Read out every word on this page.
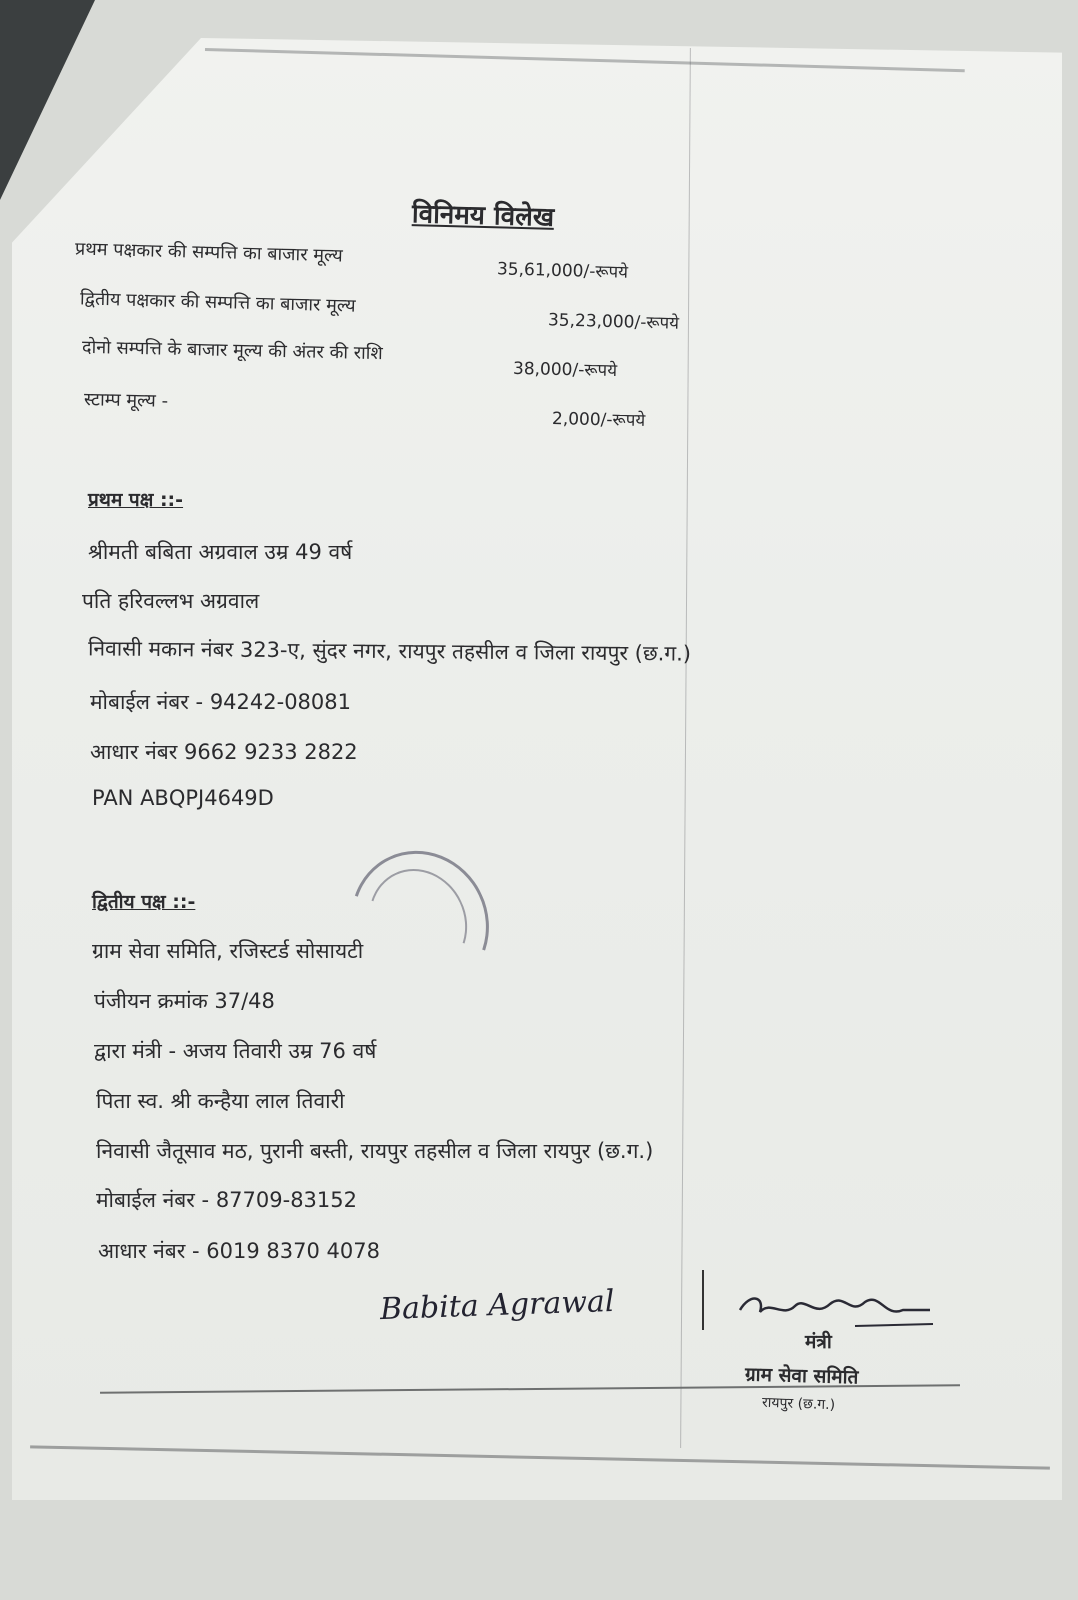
विनिमय विलेख
प्रथम पक्षकार की सम्पत्ति का बाजार मूल्य
35,61,000/-रूपये
द्वितीय पक्षकार की सम्पत्ति का बाजार मूल्य
35,23,000/-रूपये
दोनो सम्पत्ति के बाजार मूल्य की अंतर की राशि
38,000/-रूपये
स्टाम्प मूल्य -
2,000/-रूपये
प्रथम पक्ष ::-
श्रीमती बबिता अग्रवाल उम्र 49 वर्ष
पति हरिवल्लभ अग्रवाल
निवासी मकान नंबर 323-ए, सुंदर नगर, रायपुर तहसील व जिला रायपुर (छ.ग.)
मोबाईल नंबर - 94242-08081
आधार नंबर 9662 9233 2822
PAN ABQPJ4649D
द्वितीय पक्ष ::-
ग्राम सेवा समिति, रजिस्टर्ड सोसायटी
पंजीयन क्रमांक 37/48
द्वारा मंत्री - अजय तिवारी उम्र 76 वर्ष
पिता स्व. श्री कन्हैया लाल तिवारी
निवासी जैतूसाव मठ, पुरानी बस्ती, रायपुर तहसील व जिला रायपुर (छ.ग.)
मोबाईल नंबर - 87709-83152
आधार नंबर - 6019 8370 4078
Babita Agrawal
मंत्री
ग्राम सेवा समिति
रायपुर (छ.ग.)
